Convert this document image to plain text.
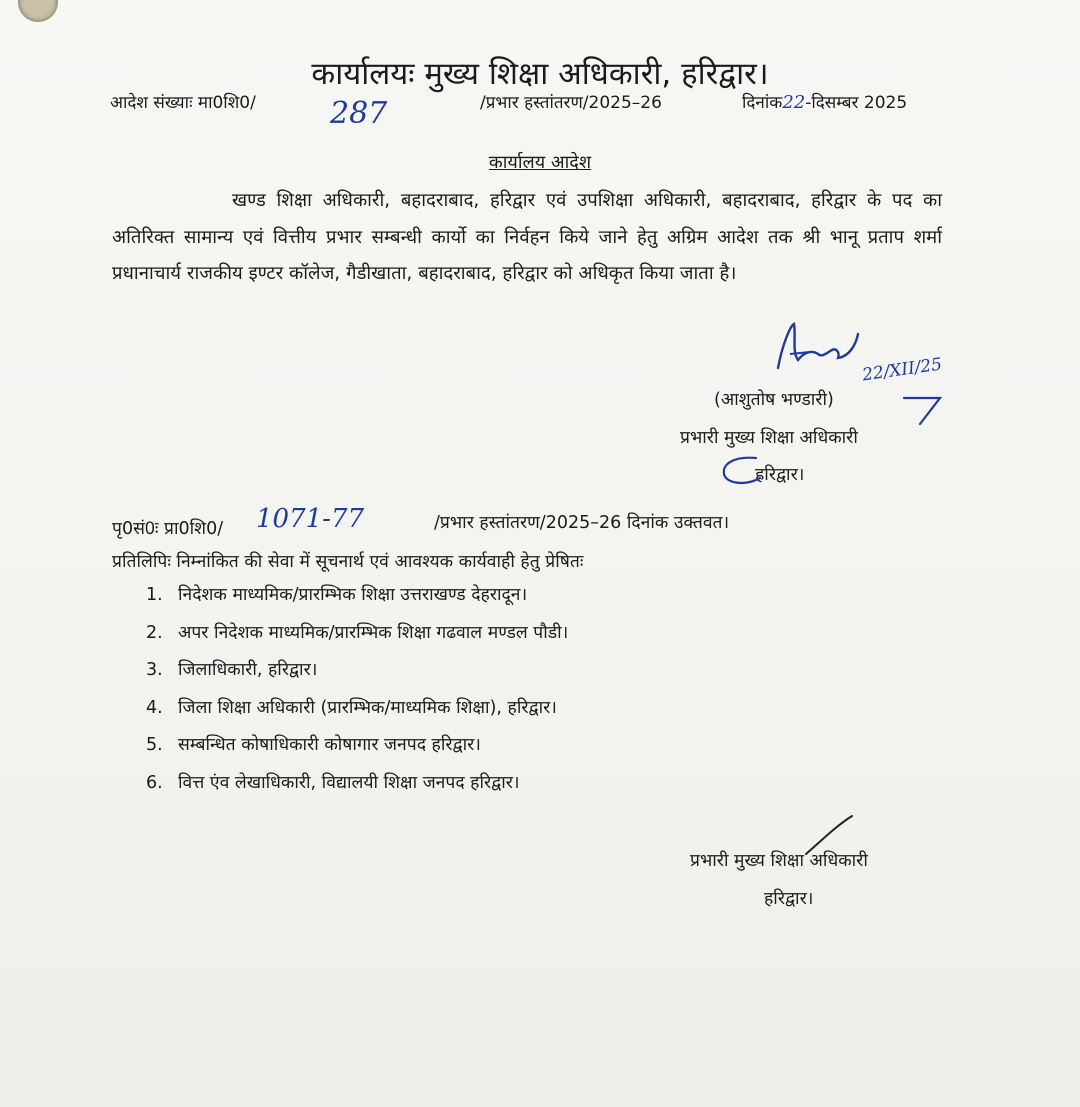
कार्यालयः मुख्य शिक्षा अधिकारी, हरिद्वार।
आदेश संख्याः मा0शि0/ 287	/प्रभार हस्तांतरण/2025–26	दिनांक22-दिसम्बर 2025
कार्यालय आदेश
खण्ड शिक्षा अधिकारी, बहादराबाद, हरिद्वार एवं उपशिक्षा अधिकारी, बहादराबाद, हरिद्वार के पद का अतिरिक्त सामान्य एवं वित्तीय प्रभार सम्बन्धी कार्यो का निर्वहन किये जाने हेतु अग्रिम आदेश तक श्री भानू प्रताप शर्मा प्रधानाचार्य राजकीय इण्टर कॉलेज, गैडीखाता, बहादराबाद, हरिद्वार को अधिकृत किया जाता है।
22/XII/25
(आशुतोष भण्डारी)
प्रभारी मुख्य शिक्षा अधिकारी
हरिद्वार।
पृ0सं0ः प्रा0शि0/ 1071-77	/प्रभार हस्तांतरण/2025–26 दिनांक उक्तवत।
प्रतिलिपिः निम्नांकित की सेवा में सूचनार्थ एवं आवश्यक कार्यवाही हेतु प्रेषितः
1. निदेशक माध्यमिक/प्रारम्भिक शिक्षा उत्तराखण्ड देहरादून।
2. अपर निदेशक माध्यमिक/प्रारम्भिक शिक्षा गढवाल मण्डल पौडी।
3. जिलाधिकारी, हरिद्वार।
4. जिला शिक्षा अधिकारी (प्रारम्भिक/माध्यमिक शिक्षा), हरिद्वार।
5. सम्बन्धित कोषाधिकारी कोषागार जनपद हरिद्वार।
6. वित्त एंव लेखाधिकारी, विद्यालयी शिक्षा जनपद हरिद्वार।
प्रभारी मुख्य शिक्षा अधिकारी
हरिद्वार।
